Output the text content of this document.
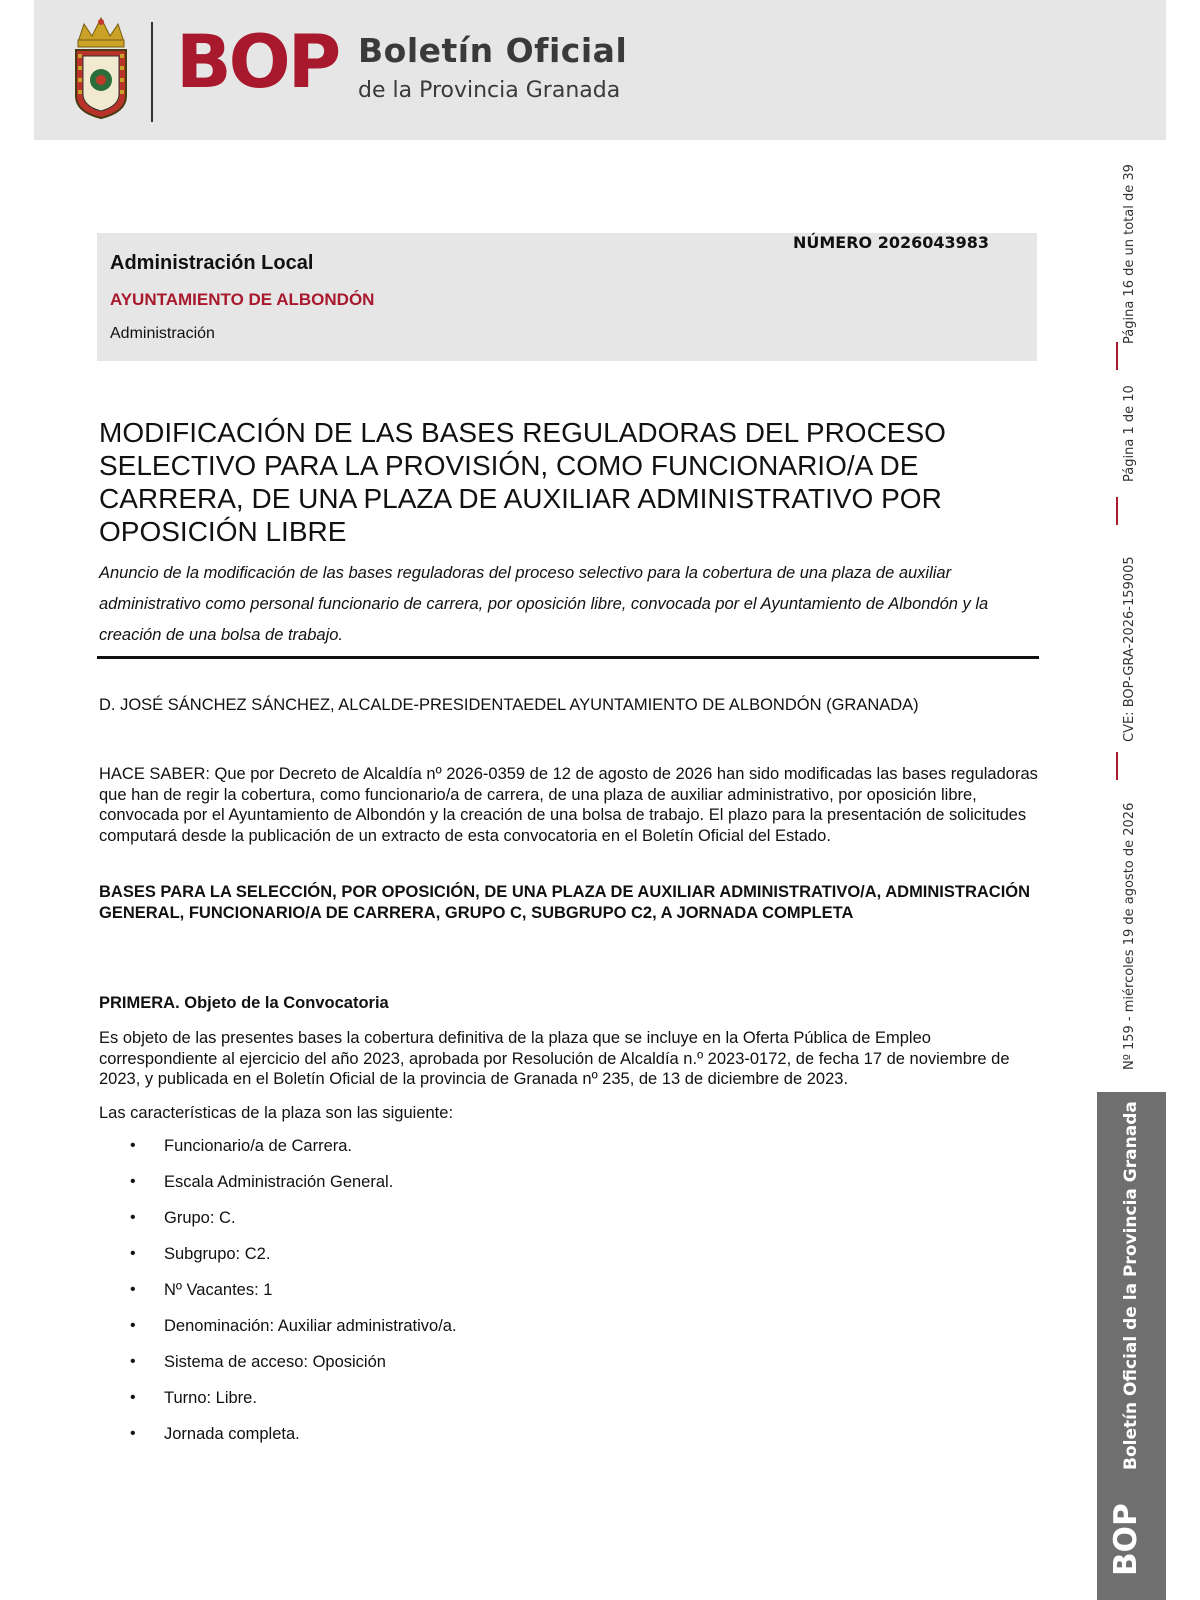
BOP Boletín Oficial
de la Provincia Granada
Página 16 de un total de 39
Página 1 de 10
CVE: BOP-GRA-2026-159005
Nº 159 - miércoles 19 de agosto de 2026
BOP
Boletín Oficial de la Provincia Granada
NÚMERO 2026043983
Administración Local
AYUNTAMIENTO DE ALBONDÓN
Administración
MODIFICACIÓN DE LAS BASES REGULADORAS DEL PROCESO SELECTIVO PARA LA PROVISIÓN, COMO FUNCIONARIO/A DE CARRERA, DE UNA PLAZA DE AUXILIAR ADMINISTRATIVO POR OPOSICIÓN LIBRE
Anuncio de la modificación de las bases reguladoras del proceso selectivo para la cobertura de una plaza de auxiliar administrativo como personal funcionario de carrera, por oposición libre, convocada por el Ayuntamiento de Albondón y la creación de una bolsa de trabajo.
D. JOSÉ SÁNCHEZ SÁNCHEZ, ALCALDE-PRESIDENTAEDEL AYUNTAMIENTO DE ALBONDÓN (GRANADA)
HACE SABER: Que por Decreto de Alcaldía nº 2026-0359 de 12 de agosto de 2026 han sido modificadas las bases reguladoras que han de regir la cobertura, como funcionario/a de carrera, de una plaza de auxiliar administrativo, por oposición libre, convocada por el Ayuntamiento de Albondón y la creación de una bolsa de trabajo. El plazo para la presentación de solicitudes computará desde la publicación de un extracto de esta convocatoria en el Boletín Oficial del Estado.
BASES PARA LA SELECCIÓN, POR OPOSICIÓN, DE UNA PLAZA DE AUXILIAR ADMINISTRATIVO/A, ADMINISTRACIÓN GENERAL, FUNCIONARIO/A DE CARRERA, GRUPO C, SUBGRUPO C2, A JORNADA COMPLETA
PRIMERA. Objeto de la Convocatoria
Es objeto de las presentes bases la cobertura definitiva de la plaza que se incluye en la Oferta Pública de Empleo correspondiente al ejercicio del año 2023, aprobada por Resolución de Alcaldía n.º 2023-0172, de fecha 17 de noviembre de 2023, y publicada en el Boletín Oficial de la provincia de Granada nº 235, de 13 de diciembre de 2023.
Las características de la plaza son las siguiente:
• Funcionario/a de Carrera.
• Escala Administración General.
• Grupo: C.
• Subgrupo: C2.
• Nº Vacantes: 1
• Denominación: Auxiliar administrativo/a.
• Sistema de acceso: Oposición
• Turno: Libre.
• Jornada completa.
